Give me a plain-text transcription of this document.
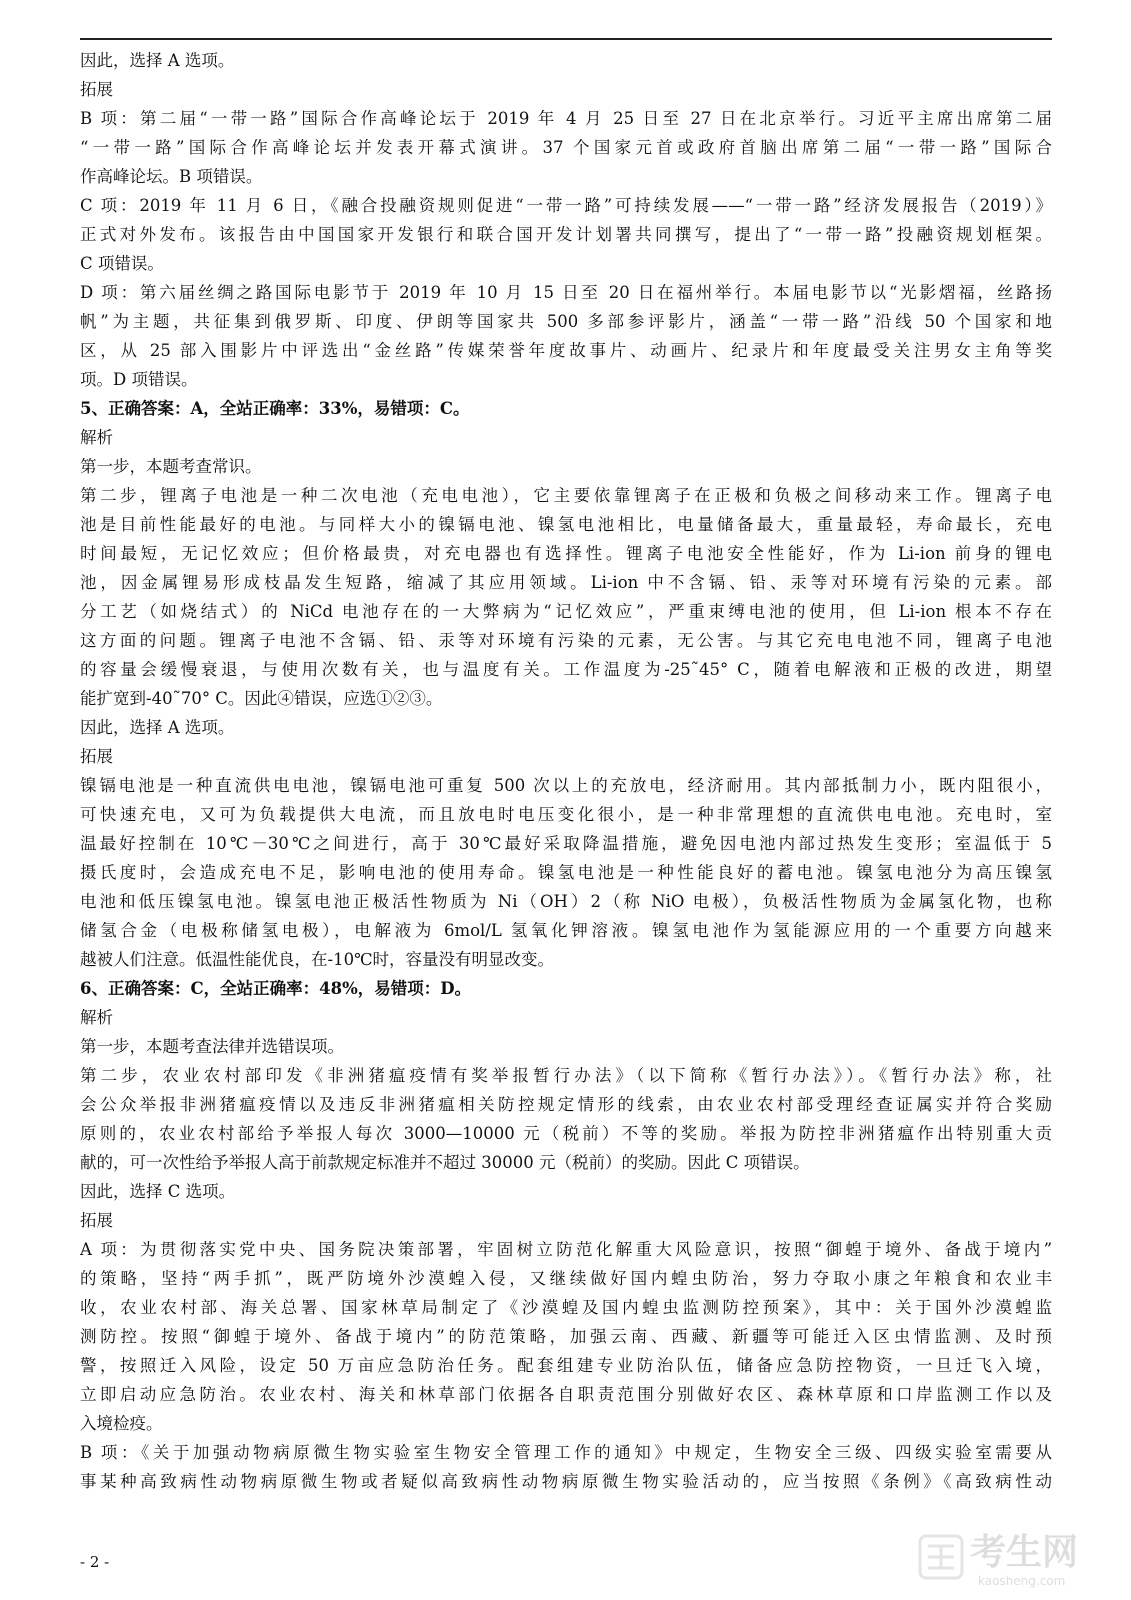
因此，选择 A 选项。
拓展
B 项：第二届“一带一路”国际合作高峰论坛于 2019 年 4 月 25 日至 27 日在北京举行。习近平主席出席第二届
“一带一路”国际合作高峰论坛并发表开幕式演讲。37 个国家元首或政府首脑出席第二届“一带一路”国际合
作高峰论坛。B 项错误。
C 项：2019 年 11 月 6 日，《融合投融资规则促进“一带一路”可持续发展——“一带一路”经济发展报告（2019）》
正式对外发布。该报告由中国国家开发银行和联合国开发计划署共同撰写，提出了“一带一路”投融资规划框架。
C 项错误。
D 项：第六届丝绸之路国际电影节于 2019 年 10 月 15 日至 20 日在福州举行。本届电影节以“光影熠福，丝路扬
帆”为主题，共征集到俄罗斯、印度、伊朗等国家共 500 多部参评影片，涵盖“一带一路”沿线 50 个国家和地
区，从 25 部入围影片中评选出“金丝路”传媒荣誉年度故事片、动画片、纪录片和年度最受关注男女主角等奖
项。D 项错误。
5、正确答案：A，全站正确率：33%，易错项：C。
解析
第一步，本题考查常识。
第二步，锂离子电池是一种二次电池（充电电池），它主要依靠锂离子在正极和负极之间移动来工作。锂离子电
池是目前性能最好的电池。与同样大小的镍镉电池、镍氢电池相比，电量储备最大，重量最轻，寿命最长，充电
时间最短，无记忆效应；但价格最贵，对充电器也有选择性。锂离子电池安全性能好，作为 Li-ion 前身的锂电
池，因金属锂易形成枝晶发生短路，缩减了其应用领域。Li-ion 中不含镉、铅、汞等对环境有污染的元素。部
分工艺（如烧结式）的 NiCd 电池存在的一大弊病为“记忆效应”，严重束缚电池的使用，但 Li-ion 根本不存在
这方面的问题。锂离子电池不含镉、铅、汞等对环境有污染的元素，无公害。与其它充电电池不同，锂离子电池
的容量会缓慢衰退，与使用次数有关，也与温度有关。工作温度为-25˜45° C，随着电解液和正极的改进，期望
能扩宽到-40˜70° C。因此④错误，应选①②③。
因此，选择 A 选项。
拓展
镍镉电池是一种直流供电电池，镍镉电池可重复 500 次以上的充放电，经济耐用。其内部抵制力小，既内阻很小，
可快速充电，又可为负载提供大电流，而且放电时电压变化很小，是一种非常理想的直流供电电池。充电时，室
温最好控制在 10℃－30℃之间进行，高于 30℃最好采取降温措施，避免因电池内部过热发生变形；室温低于 5
摄氏度时，会造成充电不足，影响电池的使用寿命。镍氢电池是一种性能良好的蓄电池。镍氢电池分为高压镍氢
电池和低压镍氢电池。镍氢电池正极活性物质为 Ni（OH）2（称 NiO 电极），负极活性物质为金属氢化物，也称
储氢合金（电极称储氢电极），电解液为 6mol/L 氢氧化钾溶液。镍氢电池作为氢能源应用的一个重要方向越来
越被人们注意。低温性能优良，在-10℃时，容量没有明显改变。
6、正确答案：C，全站正确率：48%，易错项：D。
解析
第一步，本题考查法律并选错误项。
第二步，农业农村部印发《非洲猪瘟疫情有奖举报暂行办法》（以下简称《暂行办法》）。《暂行办法》称，社
会公众举报非洲猪瘟疫情以及违反非洲猪瘟相关防控规定情形的线索，由农业农村部受理经查证属实并符合奖励
原则的，农业农村部给予举报人每次 3000—10000 元（税前）不等的奖励。举报为防控非洲猪瘟作出特别重大贡
献的，可一次性给予举报人高于前款规定标准并不超过 30000 元（税前）的奖励。因此 C 项错误。
因此，选择 C 选项。
拓展
A 项：为贯彻落实党中央、国务院决策部署，牢固树立防范化解重大风险意识，按照“御蝗于境外、备战于境内”
的策略，坚持“两手抓”，既严防境外沙漠蝗入侵，又继续做好国内蝗虫防治，努力夺取小康之年粮食和农业丰
收，农业农村部、海关总署、国家林草局制定了《沙漠蝗及国内蝗虫监测防控预案》，其中：关于国外沙漠蝗监
测防控。按照“御蝗于境外、备战于境内”的防范策略，加强云南、西藏、新疆等可能迁入区虫情监测、及时预
警，按照迁入风险，设定 50 万亩应急防治任务。配套组建专业防治队伍，储备应急防控物资，一旦迁飞入境，
立即启动应急防治。农业农村、海关和林草部门依据各自职责范围分别做好农区、森林草原和口岸监测工作以及
入境检疫。
B 项：《关于加强动物病原微生物实验室生物安全管理工作的通知》中规定，生物安全三级、四级实验室需要从
事某种高致病性动物病原微生物或者疑似高致病性动物病原微生物实验活动的，应当按照《条例》《高致病性动
- 2 -	考生网
kaosheng.com
